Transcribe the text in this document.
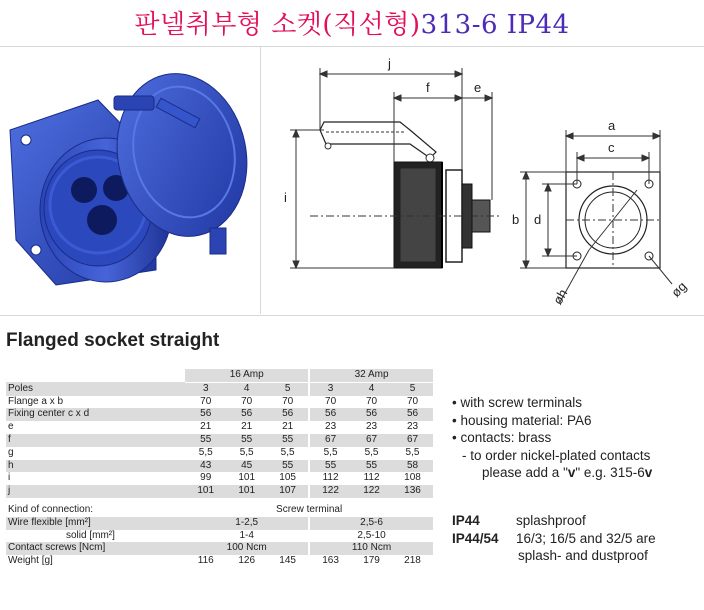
판넬취부형 소켓(직선형)313-6 IP44
j
f	e
i
a
c
b d
øh	øg
Flanged socket straight
	16 Amp			32 Amp		
Poles	3	4	5	3	4	5
Flange a x b	70	70	70	70	70	70
Fixing center c x d	56	56	56	56	56	56
e	21	21	21	23	23	23
f	55	55	55	67	67	67
g	5,5	5,5	5,5	5,5	5,5	5,5
h	43	45	55	55	55	58
i	99	101	105	112	112	108
j	101	101	107	122	122	136

Kind of connection:	Screw terminal					
Wire flexible [mm²]	1-2,5			2,5-6		
solid [mm²]	1-4			2,5-10		
Contact screws [Ncm]	100 Ncm			110 Ncm		
Weight [g]	116	126	145	163	179	218
• with screw terminals
• housing material: PA6
• contacts: brass
- to order nickel-plated contacts
please add a "v" e.g. 315-6v
IP44	splashproof
IP44/54	16/3; 16/5 and 32/5 are
splash- and dustproof
